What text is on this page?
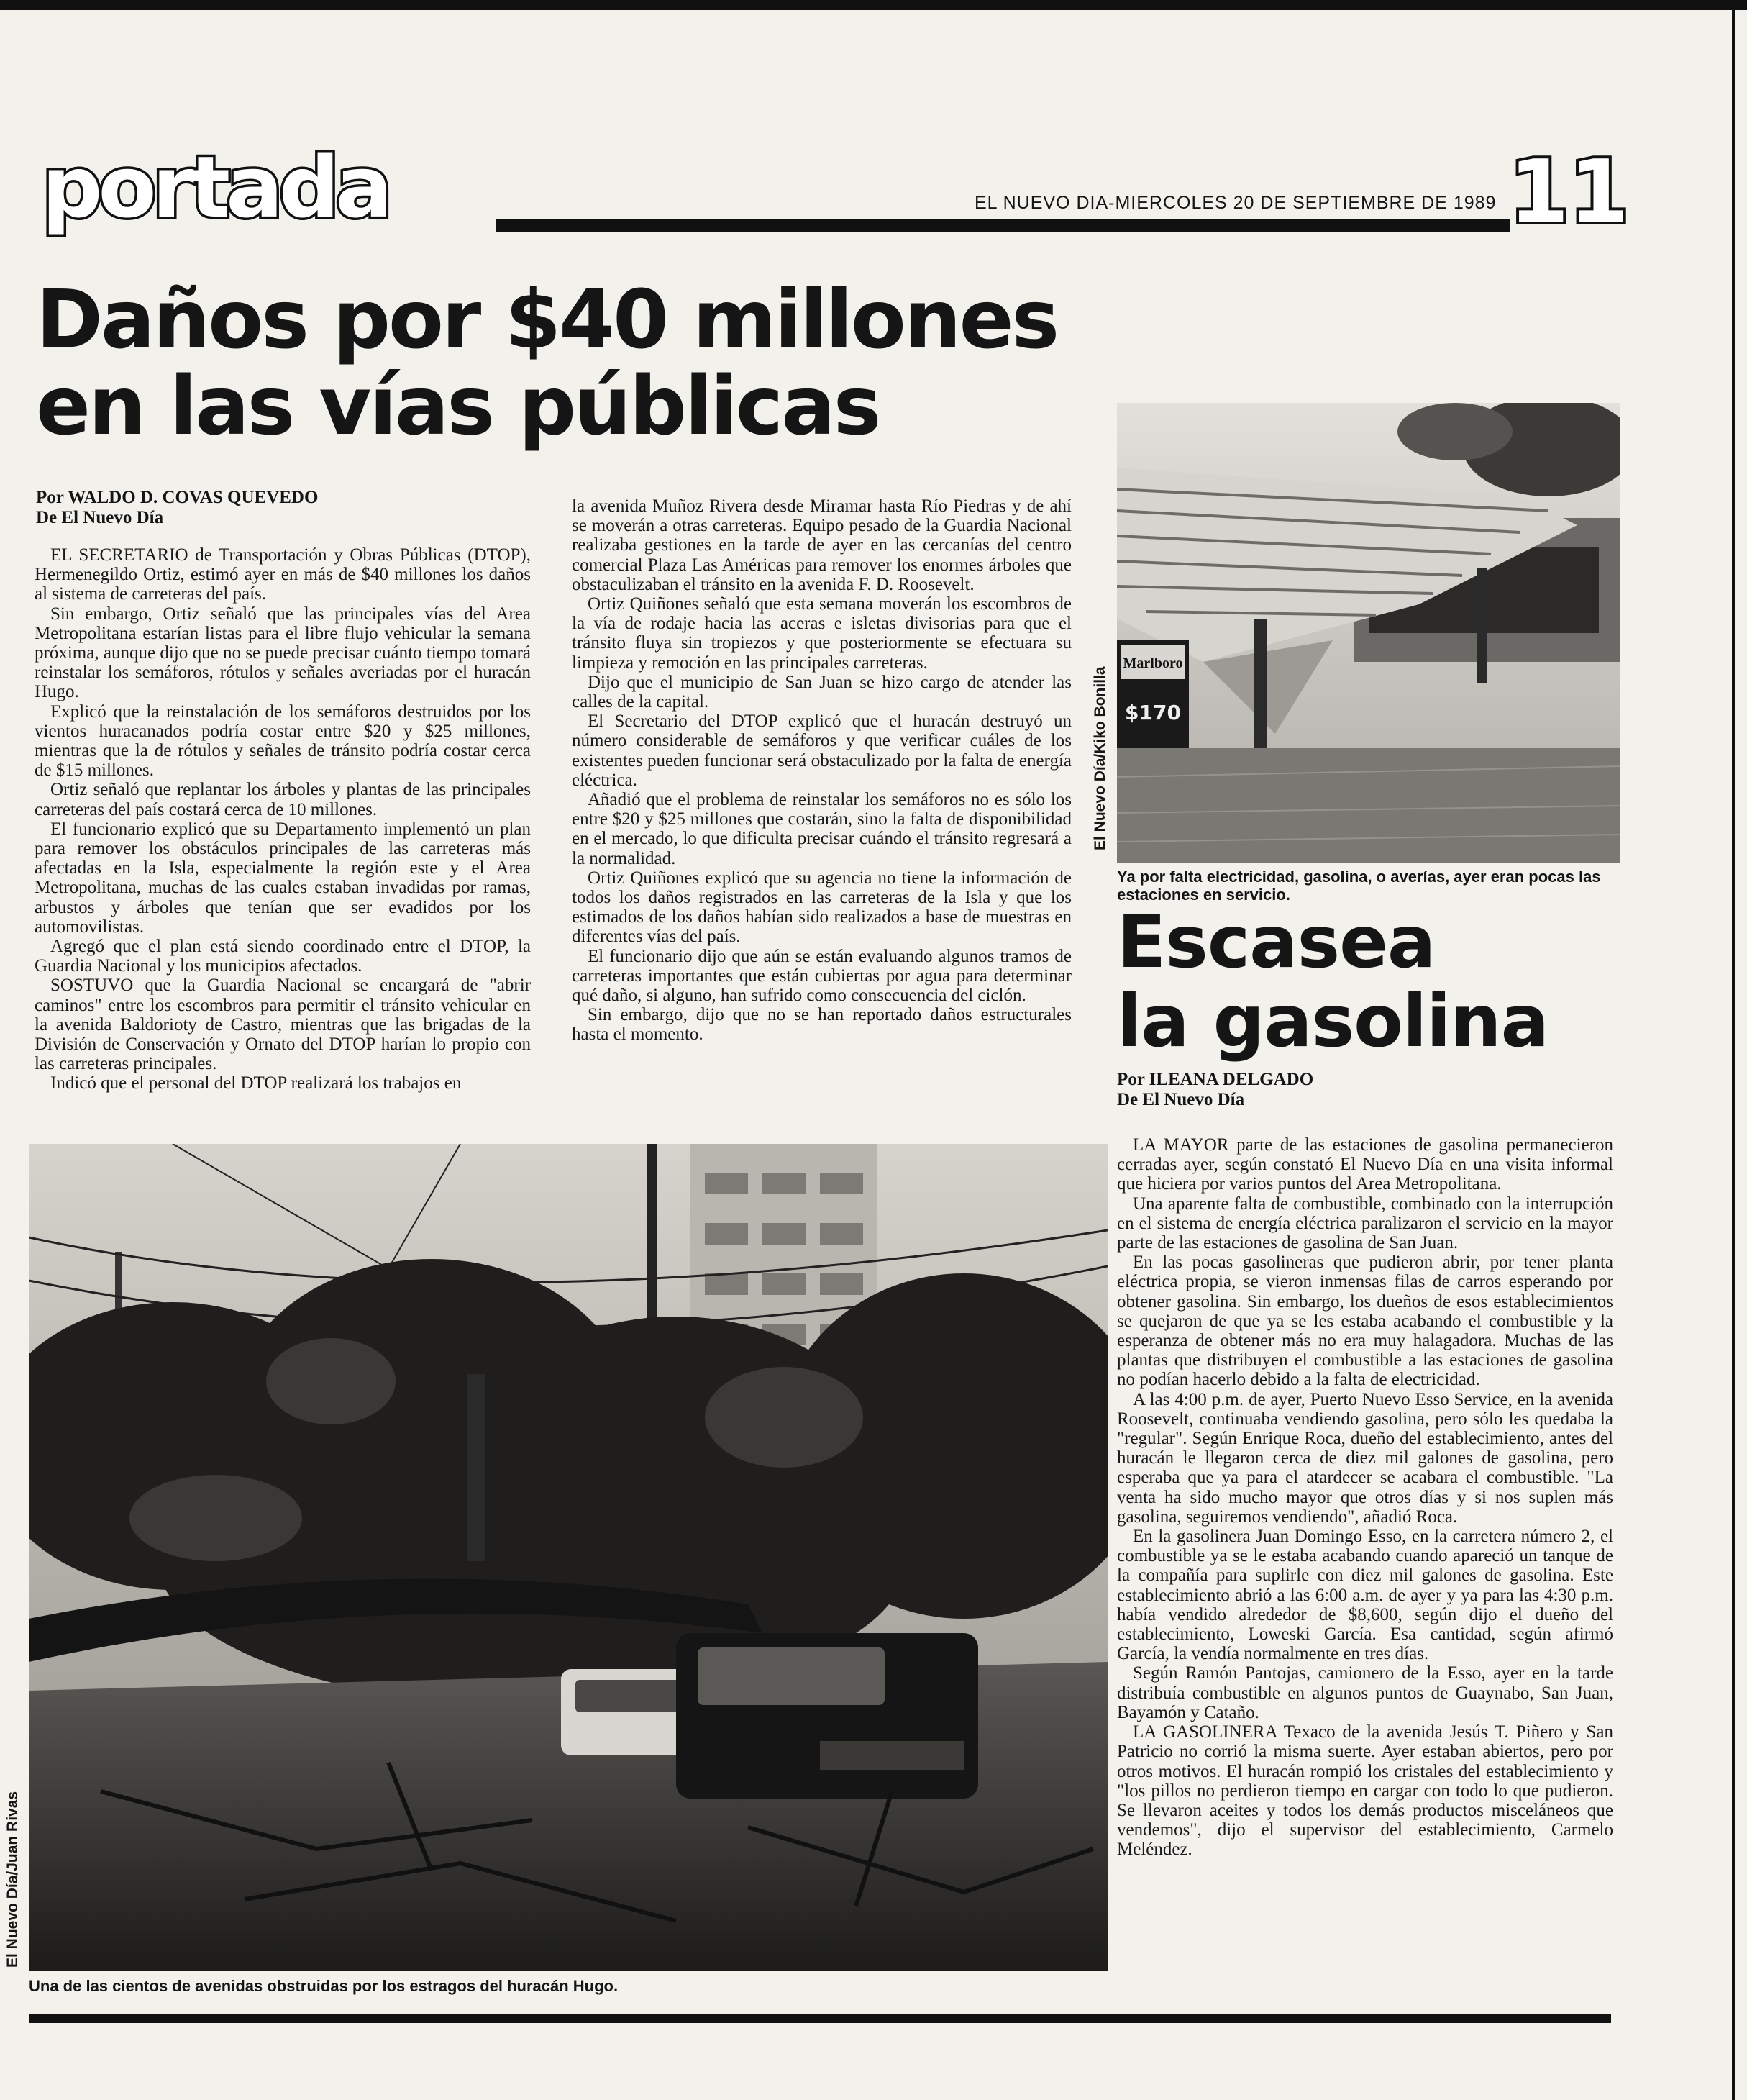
portada	EL NUEVO DIA-MIERCOLES 20 DE SEPTIEMBRE DE 1989 11
Daños por $40 millones
en las vías públicas
Por WALDO D. COVAS QUEVEDO
De El Nuevo Día

EL SECRETARIO de Transportación y Obras Públicas (DTOP), Hermenegildo Ortiz, estimó ayer en más de $40 millones los daños al sistema de carreteras del país.

Sin embargo, Ortiz señaló que las principales vías del Area Metropolitana estarían listas para el libre flujo vehicular la semana próxima, aunque dijo que no se puede precisar cuánto tiempo tomará reinstalar los semáforos, rótulos y señales averiadas por el huracán Hugo.

Explicó que la reinstalación de los semáforos destruidos por los vientos huracanados podría costar entre $20 y $25 millones, mientras que la de rótulos y señales de tránsito podría costar cerca de $15 millones.

Ortiz señaló que replantar los árboles y plantas de las principales carreteras del país costará cerca de 10 millones.

El funcionario explicó que su Departamento implementó un plan para remover los obstáculos principales de las carreteras más afectadas en la Isla, especialmente la región este y el Area Metropolitana, muchas de las cuales estaban invadidas por ramas, arbustos y árboles que tenían que ser evadidos por los automovilistas.

Agregó que el plan está siendo coordinado entre el DTOP, la Guardia Nacional y los municipios afectados.

SOSTUVO que la Guardia Nacional se encargará de "abrir caminos" entre los escombros para permitir el tránsito vehicular en la avenida Baldorioty de Castro, mientras que las brigadas de la División de Conservación y Ornato del DTOP harían lo propio con las carreteras principales.

Indicó que el personal del DTOP realizará los trabajos en

la avenida Muñoz Rivera desde Miramar hasta Río Piedras y de ahí se moverán a otras carreteras. Equipo pesado de la Guardia Nacional realizaba gestiones en la tarde de ayer en las cercanías del centro comercial Plaza Las Américas para remover los enormes árboles que obstaculizaban el tránsito en la avenida F. D. Roosevelt.

Ortiz Quiñones señaló que esta semana moverán los escombros de la vía de rodaje hacia las aceras e isletas divisorias para que el tránsito fluya sin tropiezos y que posteriormente se efectuara su limpieza y remoción en las principales carreteras.

Dijo que el municipio de San Juan se hizo cargo de atender las calles de la capital.

El Secretario del DTOP explicó que el huracán destruyó un número considerable de semáforos y que verificar cuáles de los existentes pueden funcionar será obstaculizado por la falta de energía eléctrica.

Añadió que el problema de reinstalar los semáforos no es sólo los entre $20 y $25 millones que costarán, sino la falta de disponibilidad en el mercado, lo que dificulta precisar cuándo el tránsito regresará a la normalidad.

Ortiz Quiñones explicó que su agencia no tiene la información de todos los daños registrados en las carreteras de la Isla y que los estimados de los daños habían sido realizados a base de muestras en diferentes vías del país.

El funcionario dijo que aún se están evaluando algunos tramos de carreteras importantes que están cubiertas por agua para determinar qué daño, si alguno, han sufrido como consecuencia del ciclón.

Sin embargo, dijo que no se han reportado daños estructurales hasta el momento.

El Nuevo Día/Juan Rivas
Una de las cientos de avenidas obstruidas por los estragos del huracán Hugo.
Marlboro
$170
El Nuevo Día/Kiko Bonilla
Ya por falta electricidad, gasolina, o averías, ayer eran pocas las estaciones en servicio.
Escasea
la gasolina
Por ILEANA DELGADO
De El Nuevo Día

LA MAYOR parte de las estaciones de gasolina permanecieron cerradas ayer, según constató El Nuevo Día en una visita informal que hiciera por varios puntos del Area Metropolitana.

Una aparente falta de combustible, combinado con la interrupción en el sistema de energía eléctrica paralizaron el servicio en la mayor parte de las estaciones de gasolina de San Juan.

En las pocas gasolineras que pudieron abrir, por tener planta eléctrica propia, se vieron inmensas filas de carros esperando por obtener gasolina. Sin embargo, los dueños de esos establecimientos se quejaron de que ya se les estaba acabando el combustible y la esperanza de obtener más no era muy halagadora. Muchas de las plantas que distribuyen el combustible a las estaciones de gasolina no podían hacerlo debido a la falta de electricidad.

A las 4:00 p.m. de ayer, Puerto Nuevo Esso Service, en la avenida Roosevelt, continuaba vendiendo gasolina, pero sólo les quedaba la "regular". Según Enrique Roca, dueño del establecimiento, antes del huracán le llegaron cerca de diez mil galones de gasolina, pero esperaba que ya para el atardecer se acabara el combustible. "La venta ha sido mucho mayor que otros días y si nos suplen más gasolina, seguiremos vendiendo", añadió Roca.

En la gasolinera Juan Domingo Esso, en la carretera número 2, el combustible ya se le estaba acabando cuando apareció un tanque de la compañía para suplirle con diez mil galones de gasolina. Este establecimiento abrió a las 6:00 a.m. de ayer y ya para las 4:30 p.m. había vendido alrededor de $8,600, según dijo el dueño del establecimiento, Loweski García. Esa cantidad, según afirmó García, la vendía normalmente en tres días.

Según Ramón Pantojas, camionero de la Esso, ayer en la tarde distribuía combustible en algunos puntos de Guaynabo, San Juan, Bayamón y Cataño.

LA GASOLINERA Texaco de la avenida Jesús T. Piñero y San Patricio no corrió la misma suerte. Ayer estaban abiertos, pero por otros motivos. El huracán rompió los cristales del establecimiento y "los pillos no perdieron tiempo en cargar con todo lo que pudieron. Se llevaron aceites y todos los demás productos misceláneos que vendemos", dijo el supervisor del establecimiento, Carmelo Meléndez.
